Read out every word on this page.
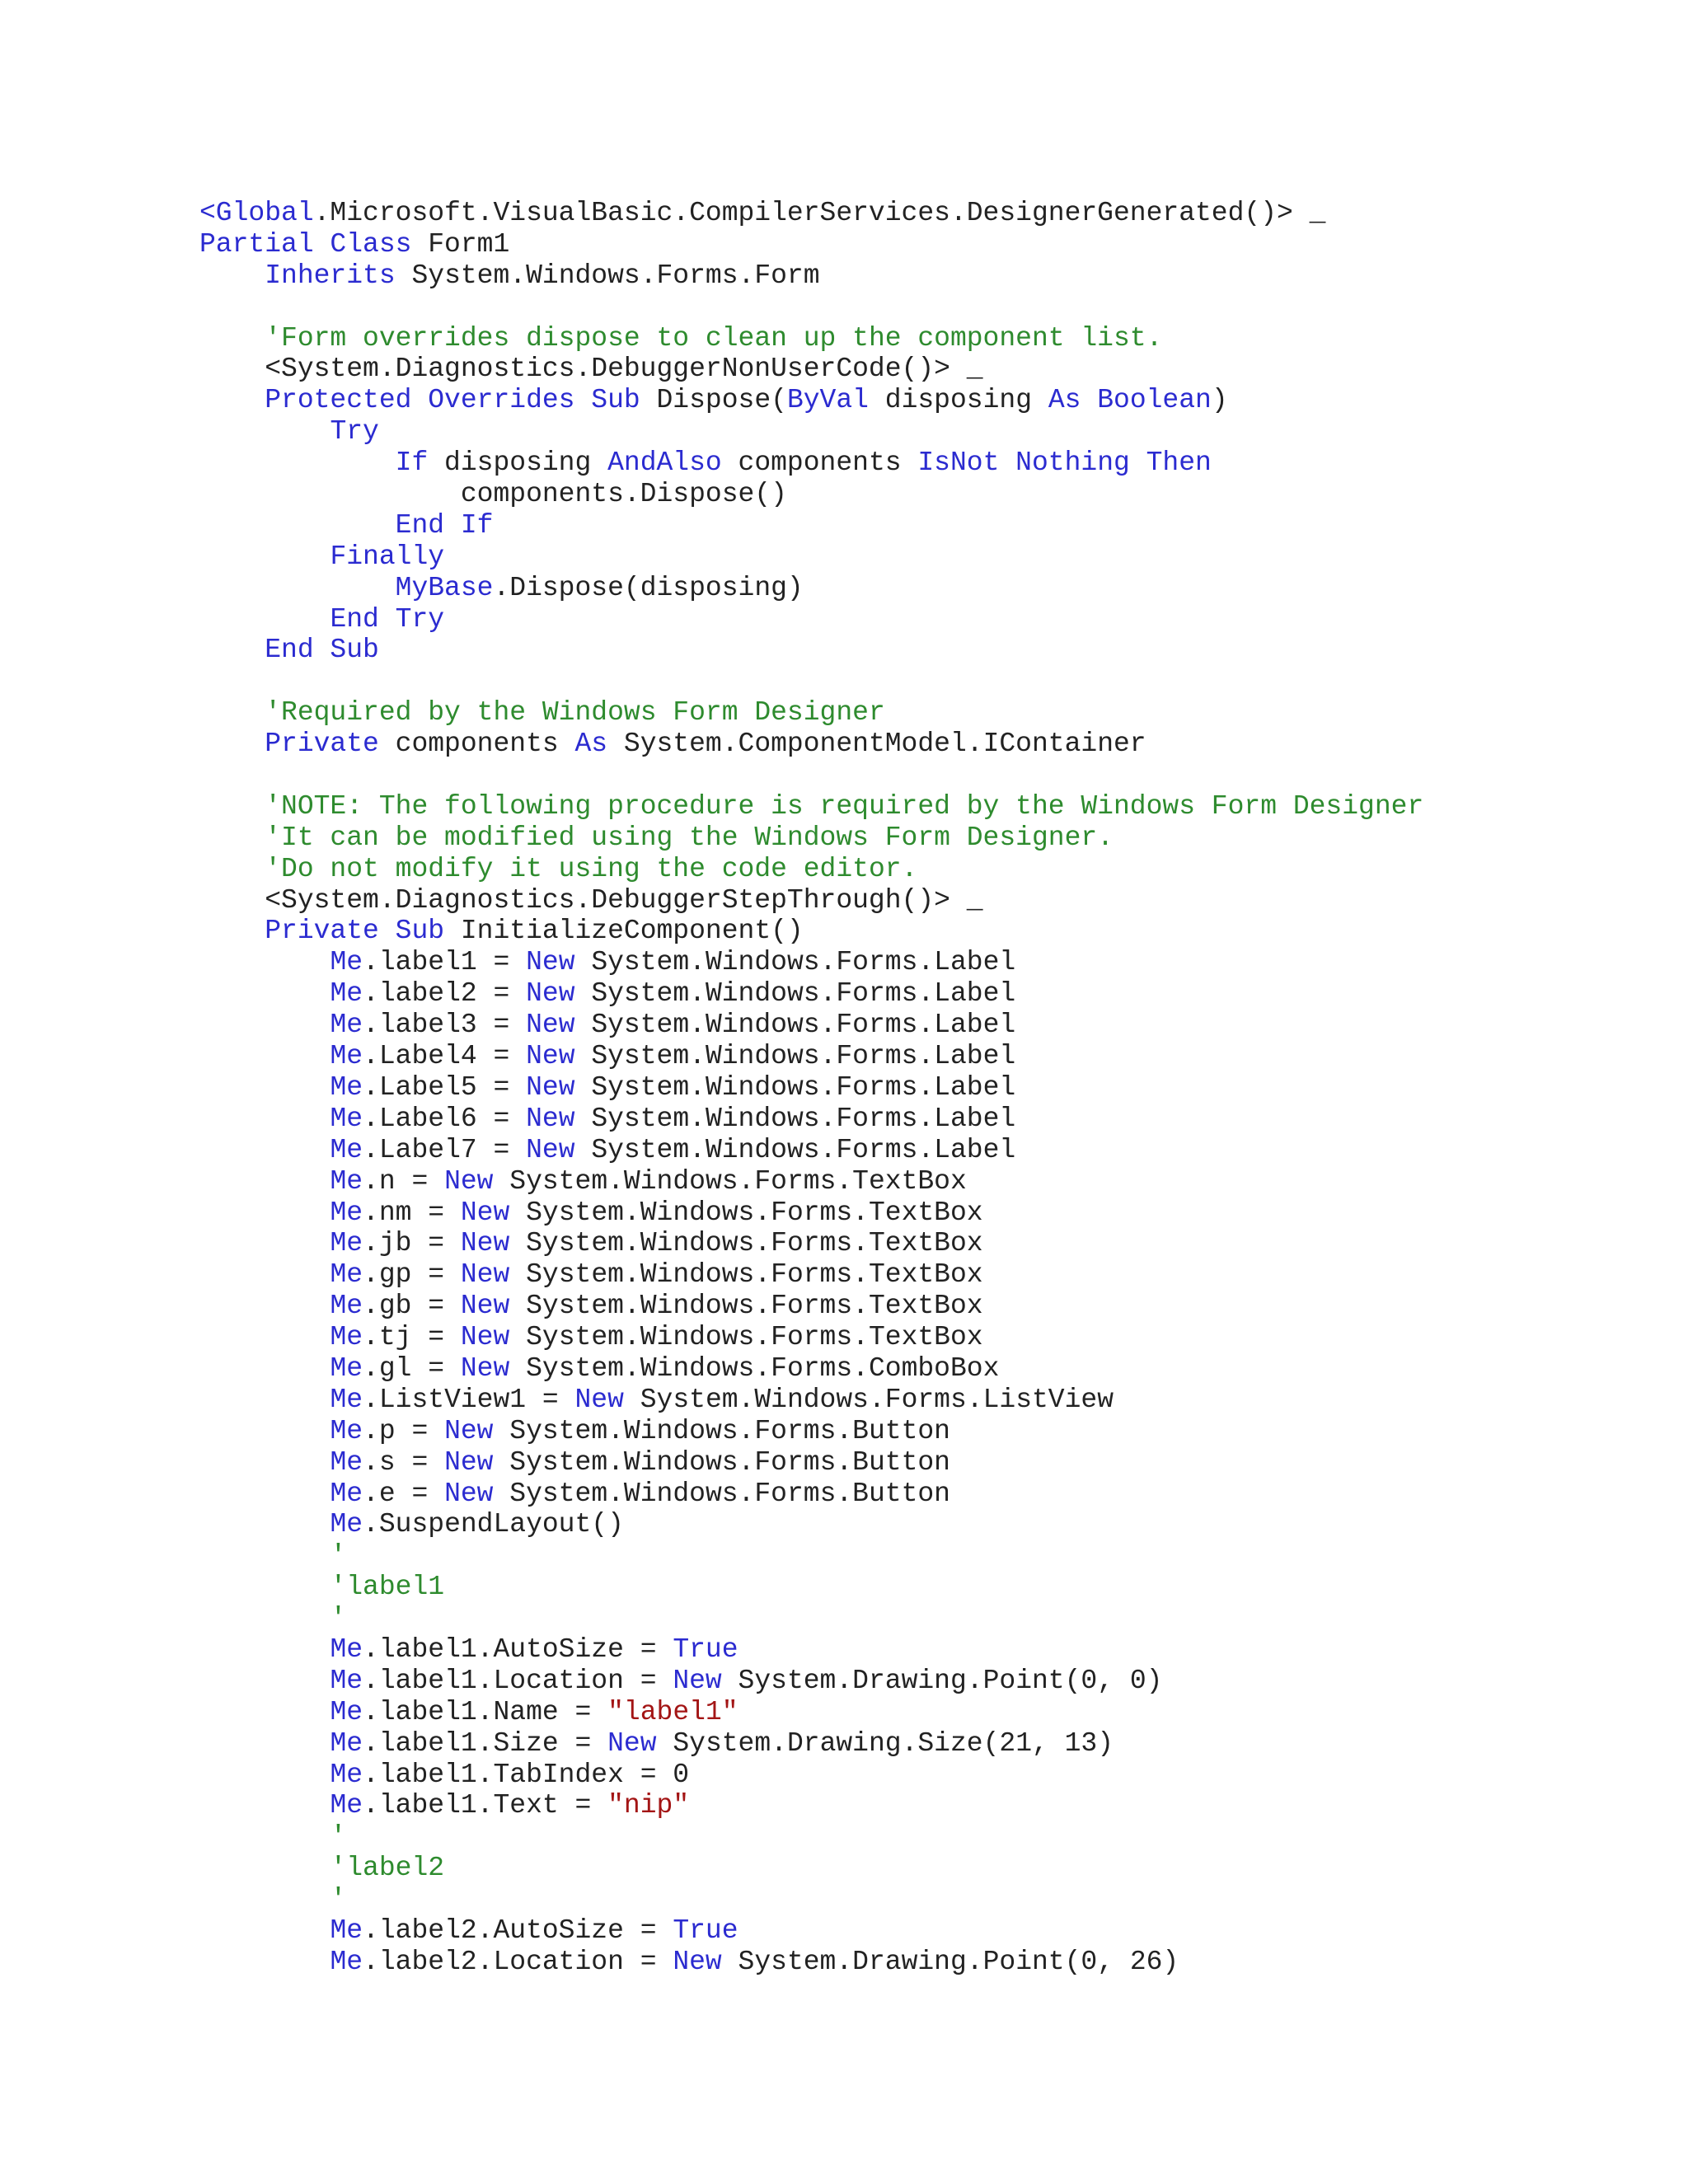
<Global.Microsoft.VisualBasic.CompilerServices.DesignerGenerated()> _
Partial Class Form1
Inherits System.Windows.Forms.Form

'Form overrides dispose to clean up the component list.
<System.Diagnostics.DebuggerNonUserCode()> _
Protected Overrides Sub Dispose(ByVal disposing As Boolean)
Try
If disposing AndAlso components IsNot Nothing Then
components.Dispose()
End If
Finally
MyBase.Dispose(disposing)
End Try
End Sub

'Required by the Windows Form Designer
Private components As System.ComponentModel.IContainer

'NOTE: The following procedure is required by the Windows Form Designer
'It can be modified using the Windows Form Designer.
'Do not modify it using the code editor.
<System.Diagnostics.DebuggerStepThrough()> _
Private Sub InitializeComponent()
Me.label1 = New System.Windows.Forms.Label
Me.label2 = New System.Windows.Forms.Label
Me.label3 = New System.Windows.Forms.Label
Me.Label4 = New System.Windows.Forms.Label
Me.Label5 = New System.Windows.Forms.Label
Me.Label6 = New System.Windows.Forms.Label
Me.Label7 = New System.Windows.Forms.Label
Me.n = New System.Windows.Forms.TextBox
Me.nm = New System.Windows.Forms.TextBox
Me.jb = New System.Windows.Forms.TextBox
Me.gp = New System.Windows.Forms.TextBox
Me.gb = New System.Windows.Forms.TextBox
Me.tj = New System.Windows.Forms.TextBox
Me.gl = New System.Windows.Forms.ComboBox
Me.ListView1 = New System.Windows.Forms.ListView
Me.p = New System.Windows.Forms.Button
Me.s = New System.Windows.Forms.Button
Me.e = New System.Windows.Forms.Button
Me.SuspendLayout()
'
'label1
'
Me.label1.AutoSize = True
Me.label1.Location = New System.Drawing.Point(0, 0)
Me.label1.Name = "label1"
Me.label1.Size = New System.Drawing.Size(21, 13)
Me.label1.TabIndex = 0
Me.label1.Text = "nip"
'
'label2
'
Me.label2.AutoSize = True
Me.label2.Location = New System.Drawing.Point(0, 26)
